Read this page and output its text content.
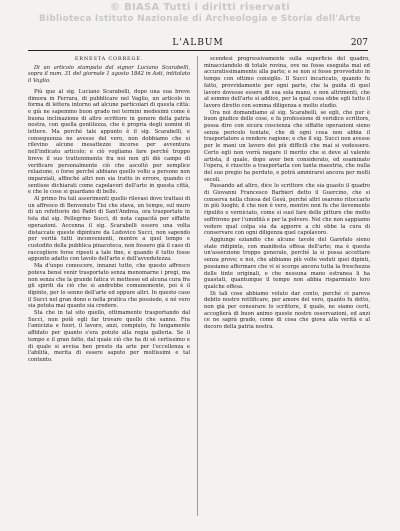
© BIASA Tutti i diritti riservati
Biblioteca Istituto Nazionale di Archeologia e Storia dell'Arte
L'ALBUM	207

ERNESTA CORREGE.

Di un articolo stampato dal signor Luciano Scarabelli, sopra il num. 31 del giornale 1 agosto 1842 in Asti, intitolato il Vaglio.

Più que al sig. Luciano Scarabelli, dopo una sua breve dimora in Ferrara, di pubblicare nel Vaglio, un articolo in forma di lettera intorno ad alcune particolari di questa città: e già ne sapemmo buon grado nei termini medesimi come è buona inclinazione di altro scrittore in genere della patria nostra, con quella gentilezza, che è propria degli uomini di lettere. Ma perché tale appunto è il sig. Scarabelli, e conseguenza ne avesse del vero, non dobbiamo che si rilevino alcune inesattezze incorse per avventura nell'indicato articolo; e ciò vogliamo fare perché troppo breve il suo trattenimento fra noi non gli diè campo di verificare personalmente ciò che ascoltò per semplice relazione, o forse perché abbiano quello volto a persone non imparziali, affinché altri non sia tratto in errore, quando ci sentisse dichiarati come capolavori dell'arte in questa città, e che le cose si guardano di belle.

Al primo fra tali asserimenti quello rilevasi dove trattasi di un affresco di Benvenuto Tisi che stava, un tempo, sul muro di un refettorio dei Padri di Sant'Andrea, ora trasportato in tela dal sig. Pellegrino Succi, di nota capacità per siffatte operazioni. Accenna il sig. Scarabelli essere una volta distaccate queste dipinture da Lodovico Succi, non sapendo per verità tutti inconvenienti, mentre a quel tempo e custodito della pubblica pinacoteca, non fossero già il caso di raccogliere forse riposti a tale fine, e quando il tutto fosse appunto adatto con tavolo dell'arte e dell'avvedutezza.

Ma d'uopo conoscere, innanzi tutto, che questo affresco poteva bensì venir trasportato senza menomarne i pregi, ma non senza che la grande fatica vi mettesse ed alcuna cura fra gli spiriti da ciò che si andrebbe comunemente, poi è il dipinto, per lo senno dell'arte ed oppure altri. In questo caso il Succi nel gran dono e nella pratica che possiede, e né vero sia potuta mai quanto sia credere.

Sta che in tal sito quello, ottimamente trasportando dal Succi, non potè egli far trovare quello che sanno. Fra l'amicizia e fuori, il lavoro, anzi, compiuto, fu lungamente affidato per quanto s'era potuto alla regia galleria. Se il tempo e il gran fatto, dal quale ciò che ha di sé certissimo e di quale si avvisa ben presto da arte per l'eccellenza e l'abilità, merita di essere saputo per moltissimi e tal contento.

scendesi progressivamente sulla superficie del quadro, minacciandolo di totale rovina, ove ne fosse eseguita mai ed accuratissimamente alla parte; e se non si fosse provveduto in tempo con ottimo consiglio. Il Succi incaricato, quando fu fatto, provvidamente per ogni parte, che la guida di quel lavoro dovesse essere di sua sola mano, e non altrimenti, che al sommo dell'arte si addice, per la qual cosa ebbe egli tutto il lavoro diretto con somma diligenza e molto studio.

Ora noi domandiamo al sig. Scarabelli, se egli, che pur è buon giudice delle cose, e fa professione di veridico scrittore, possa dire con sicura coscienza che siffatte operazioni sieno senza pericolo tentate, che di ogni cosa non abbia il trasportatore a rendere ragione; e che il sig. Succi non avesse per le mani un lavoro dei più difficili che mai si vedessero. Certo egli non vorrà negare il merito che si deve al valente artista, il quale, dopo aver ben considerato, ed esaminato l'opera, è riuscito a trasportarla con tanta maestria, che nulla del suo pregio ha perduto, e potrà ammirarsi ancora per molti secoli.

Passando ad altro, dice lo scrittore che sia guasto il quadro di Giovanni Francesco Barbieri detto il Guercino, che si conserva nella chiesa del Gesù, perché altri osarono ritoccarlo in più luoghi; il che non è vero, mentre non fu che lievemente ripulito e verniciato, come si suol fare delle pitture che molto soffrirono per l'umidità e per la polvere. Nel che non sappiamo vedere qual colpa sia da apporre a chi ebbe la cura di conservare con ogni diligenza quel capolavoro.

Aggiunge eziandio che alcune tavole del Garofalo sieno state ridipinte, con manifesta offesa dell'arte; ma è questa un'asserzione troppo generale, perché la si possa accettare senza prove; e noi, che abbiamo più volte veduti quei dipinti, possiamo affermare che vi si scorge ancora tutta la freschezza delle tinte originali, e che nessuna mano estranea li ha guastati, quantunque il tempo non abbia risparmiato loro qualche offesa.

Di tali cose abbiamo voluto dar conto, perché ci pareva debito nostro rettificare, per amore del vero, quanto fu detto, non già per censurare lo scrittore, il quale, ne siamo certi, accoglierà di buon animo queste nostre osservazioni, ed anzi ce ne saprà grado, come di cosa che giova alla verità e al decoro della patria nostra.
